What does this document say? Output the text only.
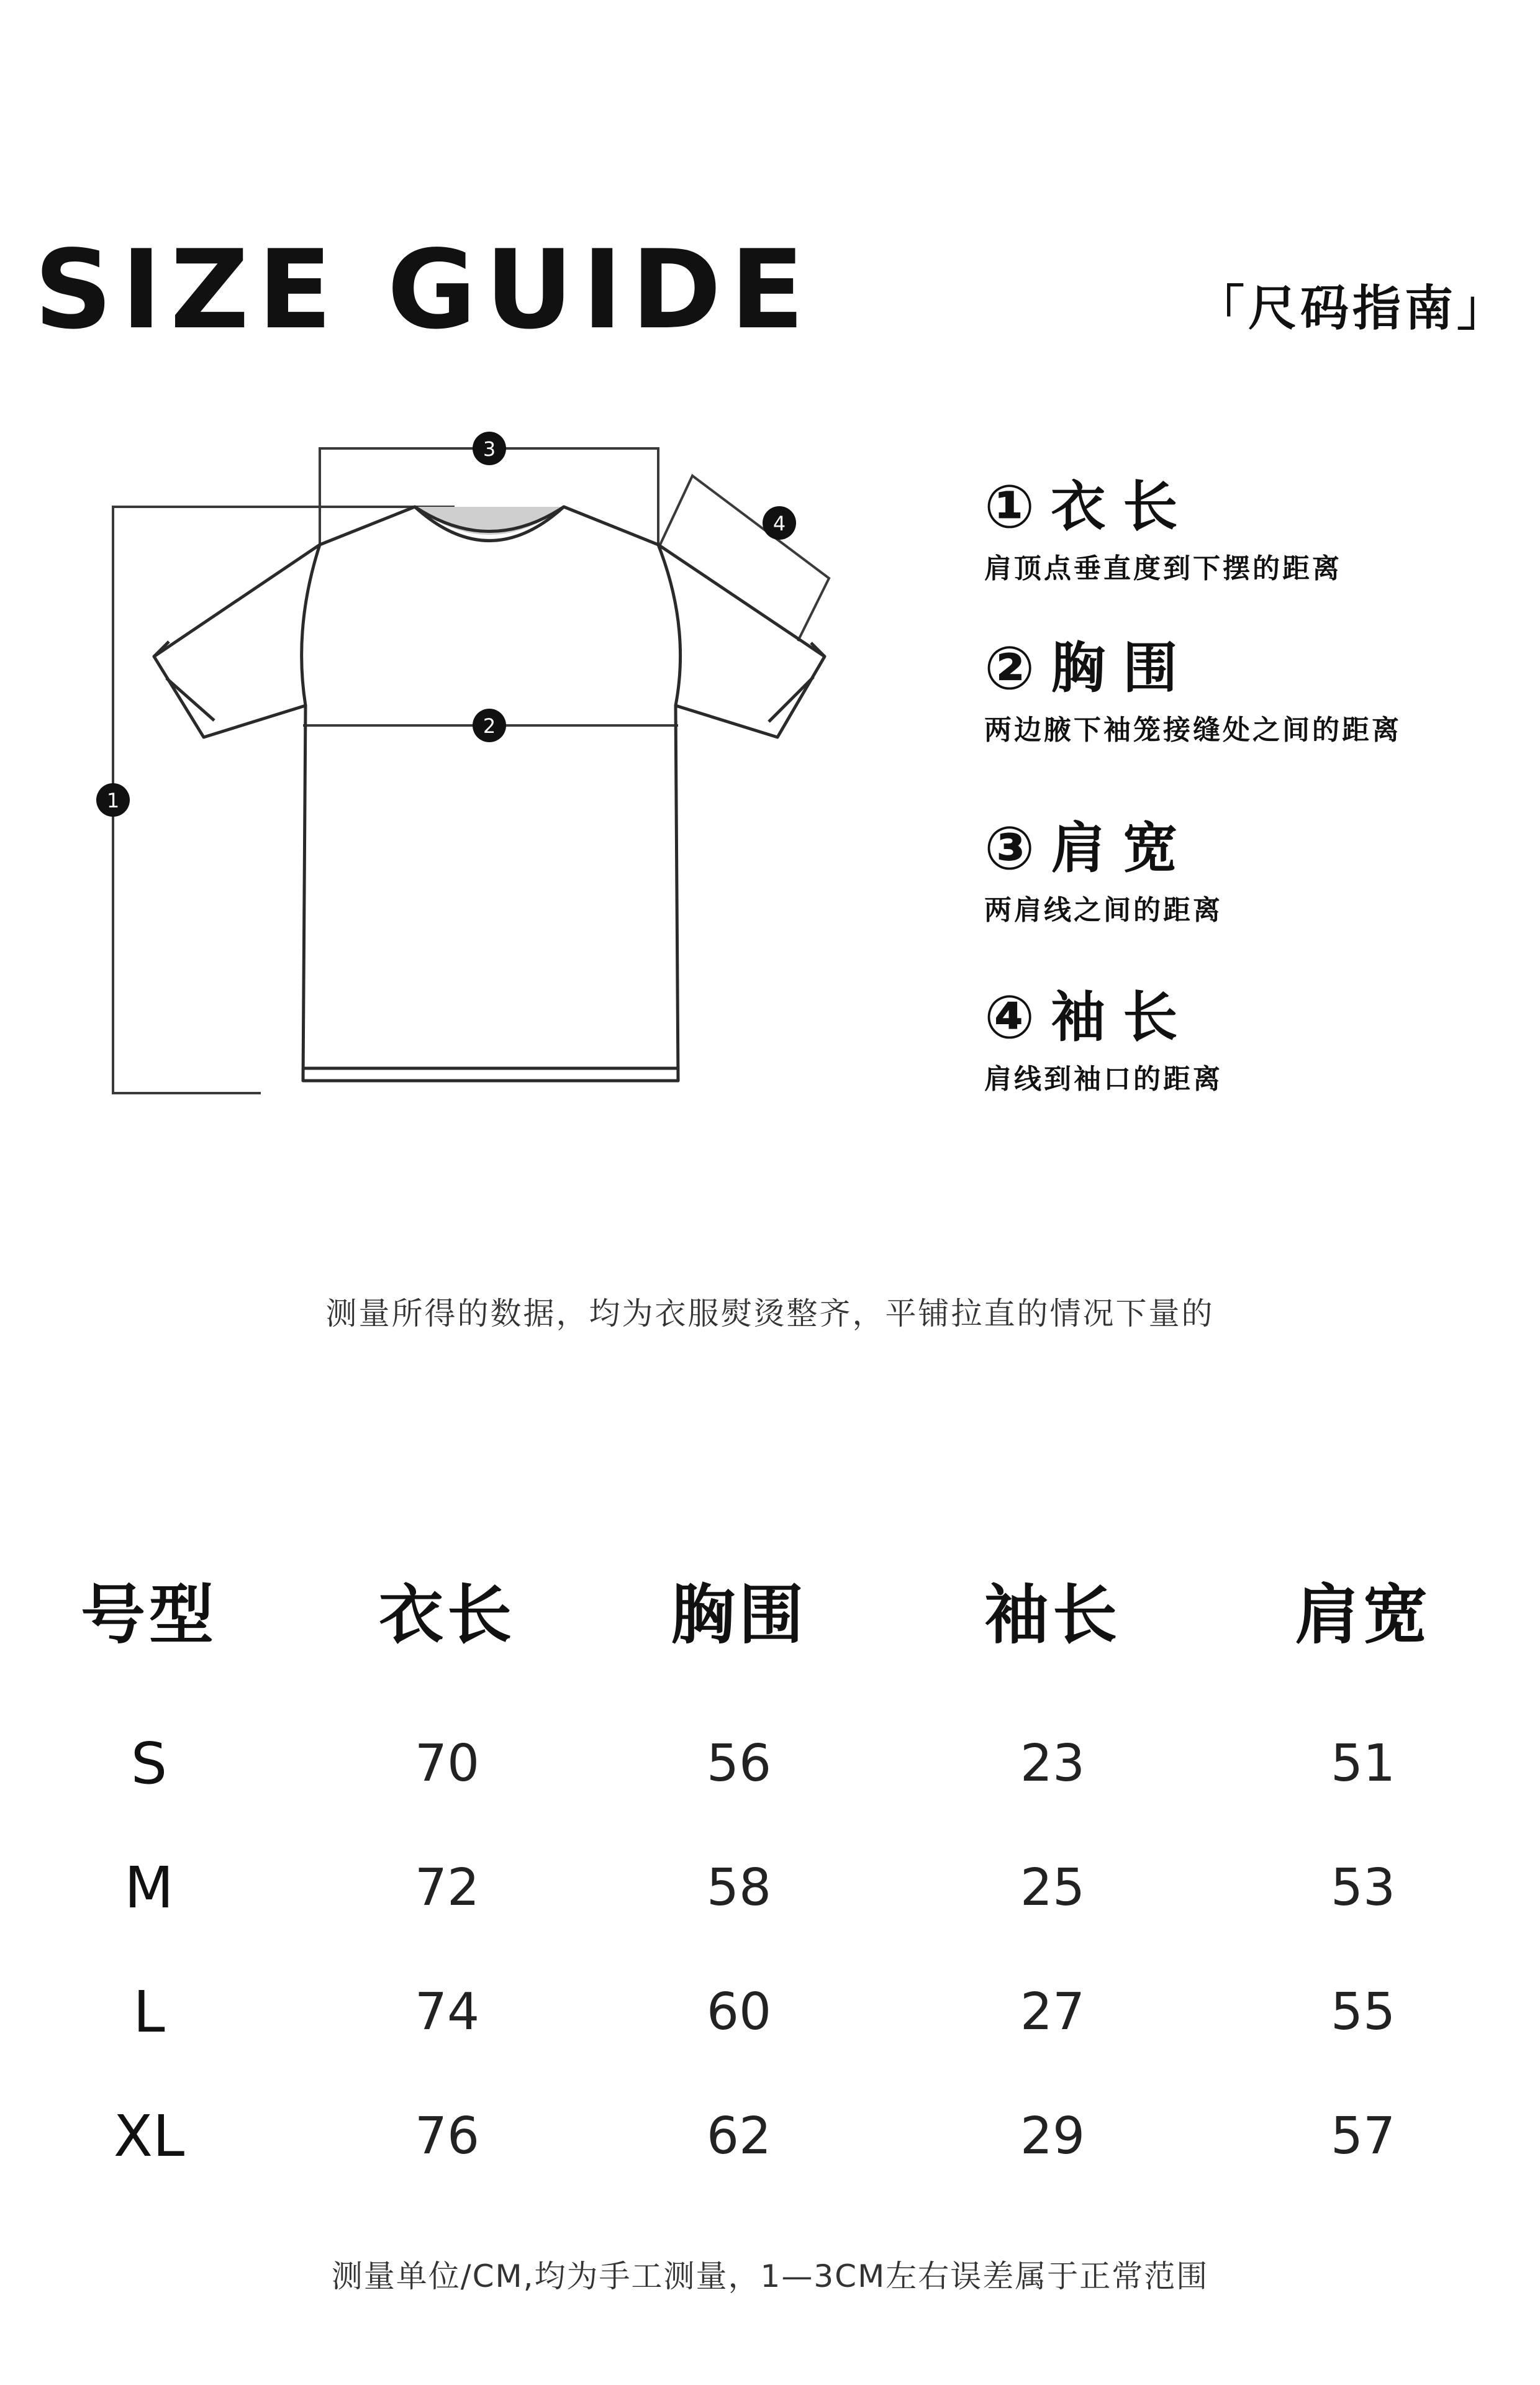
SIZE GUIDE	「尺码指南」
1
2
3
4	① 衣长
肩顶点垂直度到下摆的距离
② 胸围
两边腋下袖笼接缝处之间的距离
③ 肩宽
两肩线之间的距离
④ 袖长
肩线到袖口的距离
测量所得的数据，均为衣服熨烫整齐，平铺拉直的情况下量的
号型	衣长	胸围	袖长	肩宽
S	70	56	23	51
M	72	58	25	53
L	74	60	27	55
XL	76	62	29	57
测量单位/CM,均为手工测量，1—3CM左右误差属于正常范围
